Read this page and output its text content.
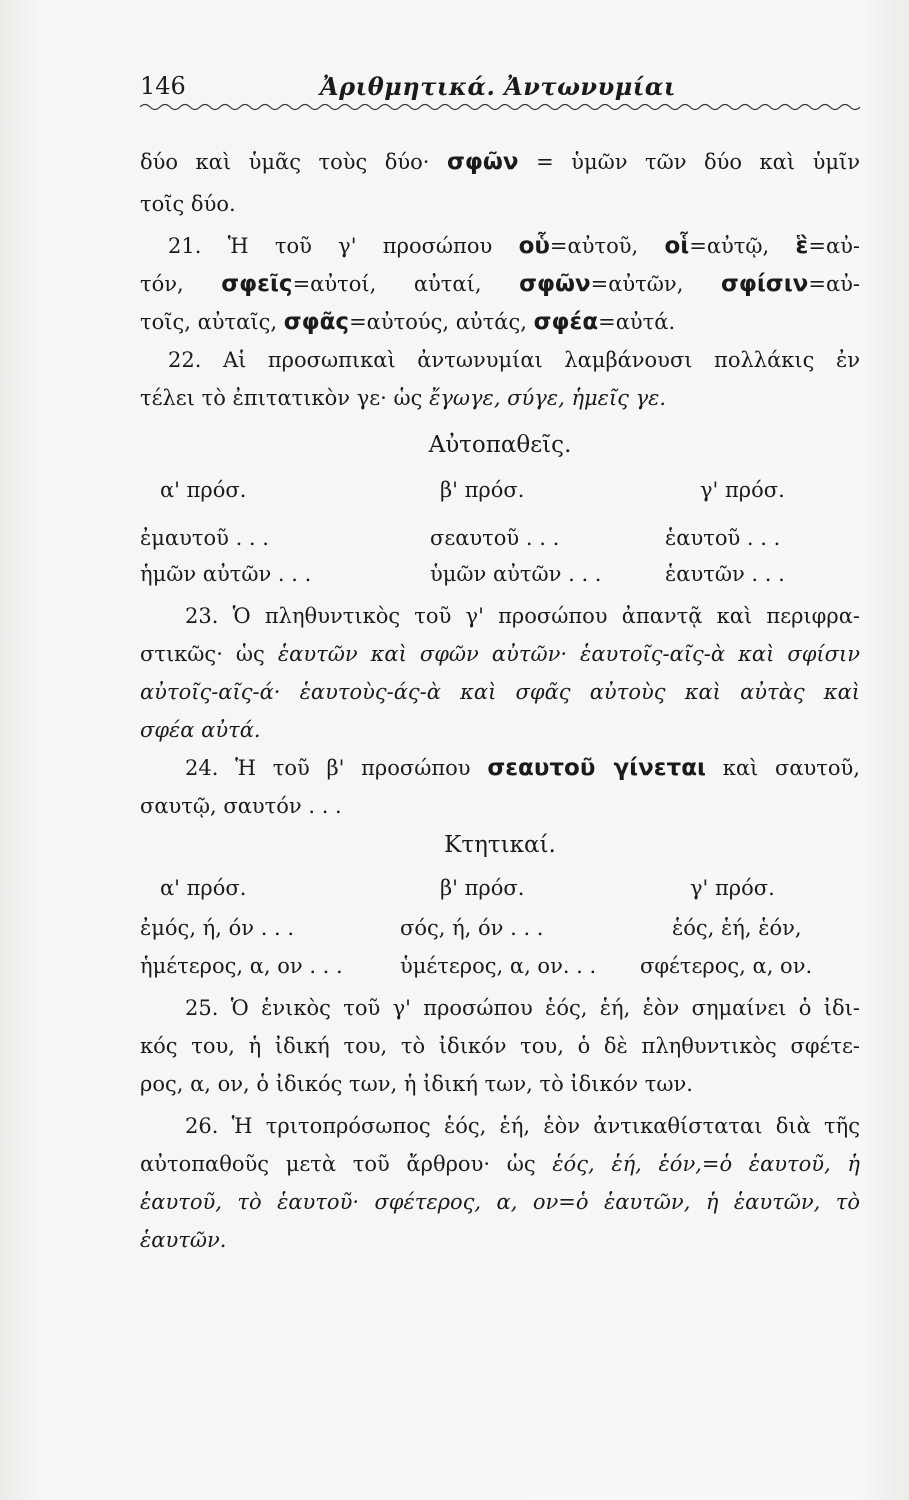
146	Ἀριθμητικά. Ἀντωνυμίαι
δύο καὶ ὑμᾶς τοὺς δύο· σφῶν = ὑμῶν τῶν δύο καὶ ὑμῖν
τοῖς δύο.
21. Ἡ τοῦ γ' προσώπου οὗ=αὐτοῦ, οἷ=αὐτῷ, ἓ=αὐ-
τόν, σφεῖς=αὐτοί, αὐταί, σφῶν=αὐτῶν, σφίσιν=αὐ-
τοῖς, αὐταῖς, σφᾶς=αὐτούς, αὐτάς, σφέα=αὐτά.
22. Αἱ προσωπικαὶ ἀντωνυμίαι λαμβάνουσι πολλάκις ἐν
τέλει τὸ ἐπιτατικὸν γε· ὡς ἔγωγε, σύγε, ἡμεῖς γε.
Αὐτοπαθεῖς.
α' πρόσ.	β' πρόσ.	γ' πρόσ.
ἐμαυτοῦ . . .	σεαυτοῦ . . .	ἑαυτοῦ . . .
ἡμῶν αὐτῶν . . .	ὑμῶν αὐτῶν . . .	ἑαυτῶν . . .
23. Ὁ πληθυντικὸς τοῦ γ' προσώπου ἀπαντᾷ καὶ περιφρα-
στικῶς· ὡς ἑαυτῶν καὶ σφῶν αὐτῶν· ἑαυτοῖς-αῖς-ὰ καὶ σφίσιν
αὐτοῖς-αῖς-ά· ἑαυτοὺς-άς-ὰ καὶ σφᾶς αὐτοὺς καὶ αὐτὰς καὶ
σφέα αὐτά.
24. Ἡ τοῦ β' προσώπου σεαυτοῦ γίνεται καὶ σαυτοῦ,
σαυτῷ, σαυτόν . . .
Κτητικαί.
α' πρόσ.	β' πρόσ.	γ' πρόσ.
ἐμός, ή, όν . . .	σός, ή, όν . . .	ἑός, ἑή, ἑόν,
ἡμέτερος, α, ον . . .	ὑμέτερος, α, ον. . . σφέτερος, α, ον.
25. Ὁ ἑνικὸς τοῦ γ' προσώπου ἑός, ἑή, ἑὸν σημαίνει ὁ ἰδι-
κός του, ἡ ἰδική του, τὸ ἰδικόν του, ὁ δὲ πληθυντικὸς σφέτε-
ρος, α, ον, ὁ ἰδικός των, ἡ ἰδική των, τὸ ἰδικόν των.
26. Ἡ τριτοπρόσωπος ἑός, ἑή, ἑὸν ἀντικαθίσταται διὰ τῆς
αὐτοπαθοῦς μετὰ τοῦ ἄρθρου· ὡς ἑός, ἑή, ἑόν,=ὁ ἑαυτοῦ, ἡ
ἑαυτοῦ, τὸ ἑαυτοῦ· σφέτερος, α, ον=ὁ ἑαυτῶν, ἡ ἑαυτῶν, τὸ
ἑαυτῶν.
